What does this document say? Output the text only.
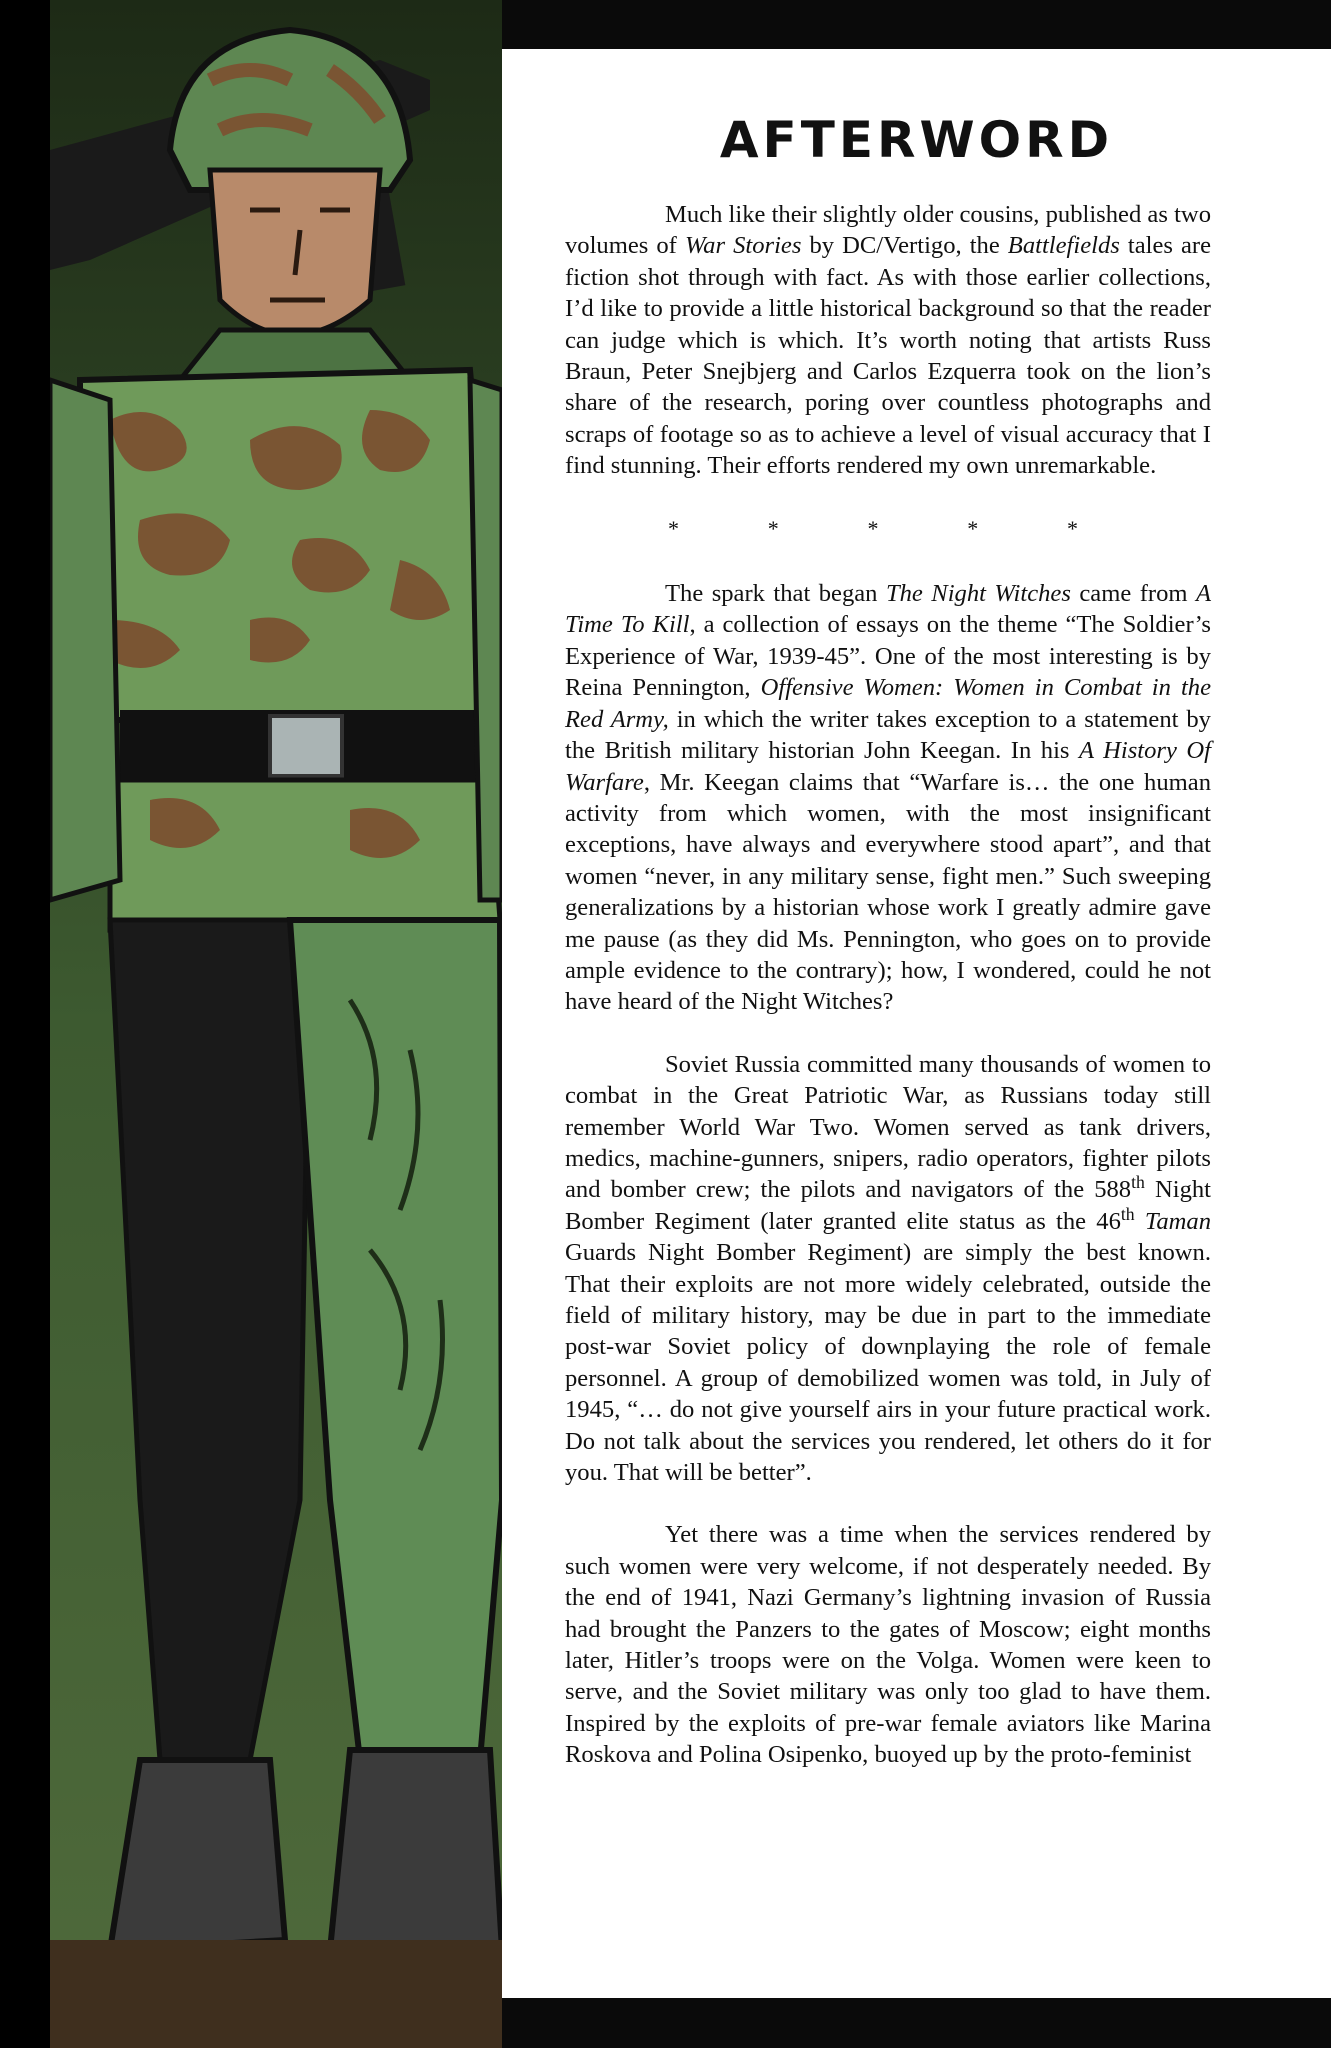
AFTERWORD

Much like their slightly older cousins, published as two volumes of War Stories by DC/Vertigo, the Battlefields tales are fiction shot through with fact. As with those earlier collections, I’d like to provide a little historical background so that the reader can judge which is which. It’s worth noting that artists Russ Braun, Peter Snejbjerg and Carlos Ezquerra took on the lion’s share of the research, poring over countless photographs and scraps of footage so as to achieve a level of visual accuracy that I find stunning. Their efforts rendered my own unremarkable.

*	*	*	*	*

The spark that began The Night Witches came from A Time To Kill, a collection of essays on the theme “The Soldier’s Experience of War, 1939-45”. One of the most interesting is by Reina Pennington, Offensive Women: Women in Combat in the Red Army, in which the writer takes exception to a statement by the British military historian John Keegan. In his A History Of Warfare, Mr. Keegan claims that “Warfare is… the one human activity from which women, with the most insignificant exceptions, have always and everywhere stood apart”, and that women “never, in any military sense, fight men.” Such sweeping generalizations by a historian whose work I greatly admire gave me pause (as they did Ms. Pennington, who goes on to provide ample evidence to the contrary); how, I wondered, could he not have heard of the Night Witches?

Soviet Russia committed many thousands of women to combat in the Great Patriotic War, as Russians today still remember World War Two. Women served as tank drivers, medics, machine-gunners, snipers, radio operators, fighter pilots and bomber crew; the pilots and navigators of the 588th Night Bomber Regiment (later granted elite status as the 46th Taman Guards Night Bomber Regiment) are simply the best known. That their exploits are not more widely celebrated, outside the field of military history, may be due in part to the immediate post-war Soviet policy of downplaying the role of female personnel. A group of demobilized women was told, in July of 1945, “… do not give yourself airs in your future practical work. Do not talk about the services you rendered, let others do it for you. That will be better”.

Yet there was a time when the services rendered by such women were very welcome, if not desperately needed. By the end of 1941, Nazi Germany’s lightning invasion of Russia had brought the Panzers to the gates of Moscow; eight months later, Hitler’s troops were on the Volga. Women were keen to serve, and the Soviet military was only too glad to have them. Inspired by the exploits of pre-war female aviators like Marina Roskova and Polina Osipenko, buoyed up by the proto-feminist
